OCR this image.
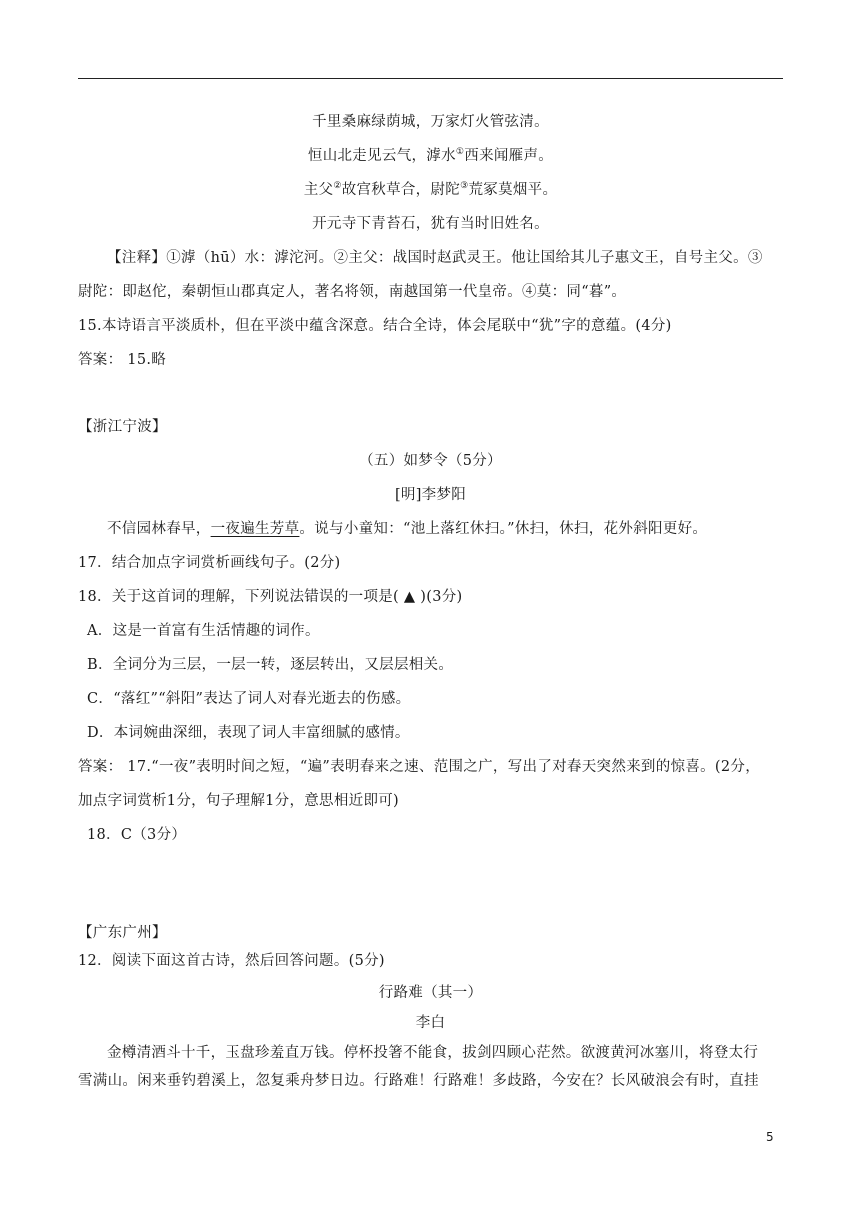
千里桑麻绿荫城，万家灯火管弦清。
恒山北走见云气，滹水①西来闻雁声。
主父②故宫秋草合，尉陀③荒冢莫烟平。
开元寺下青苔石，犹有当时旧姓名。
【注释】①滹（hū）水：滹沱河。②主父：战国时赵武灵王。他让国给其儿子惠文王，自号主父。③
尉陀：即赵佗，秦朝恒山郡真定人，著名将领，南越国第一代皇帝。④莫：同“暮”。
15.本诗语言平淡质朴，但在平淡中蕴含深意。结合全诗，体会尾联中“犹”字的意蕴。(4分)
答案： 15.略
【浙江宁波】
（五）如梦令（5分）
[明]李梦阳
不信园林春早，一夜遍生芳草。说与小童知：“池上落红休扫。”休扫，休扫，花外斜阳更好。
17．结合加点字词赏析画线句子。(2分)
18．关于这首词的理解，下列说法错误的一项是( ▲ )(3分)
A．这是一首富有生活情趣的词作。
B．全词分为三层，一层一转，逐层转出，又层层相关。
C．“落红”“斜阳”表达了词人对春光逝去的伤感。
D．本词婉曲深细，表现了词人丰富细腻的感情。
答案： 17.“一夜”表明时间之短，“遍”表明春来之速、范围之广，写出了对春天突然来到的惊喜。(2分，
加点字词赏析1分，句子理解1分，意思相近即可)
18．C（3分）
【广东广州】
12．阅读下面这首古诗，然后回答问题。(5分)
行路难（其一）
李白
金樽清酒斗十千，玉盘珍羞直万钱。停杯投箸不能食，拔剑四顾心茫然。欲渡黄河冰塞川，将登太行
雪满山。闲来垂钓碧溪上，忽复乘舟梦日边。行路难！行路难！多歧路，今安在？长风破浪会有时，直挂
5
